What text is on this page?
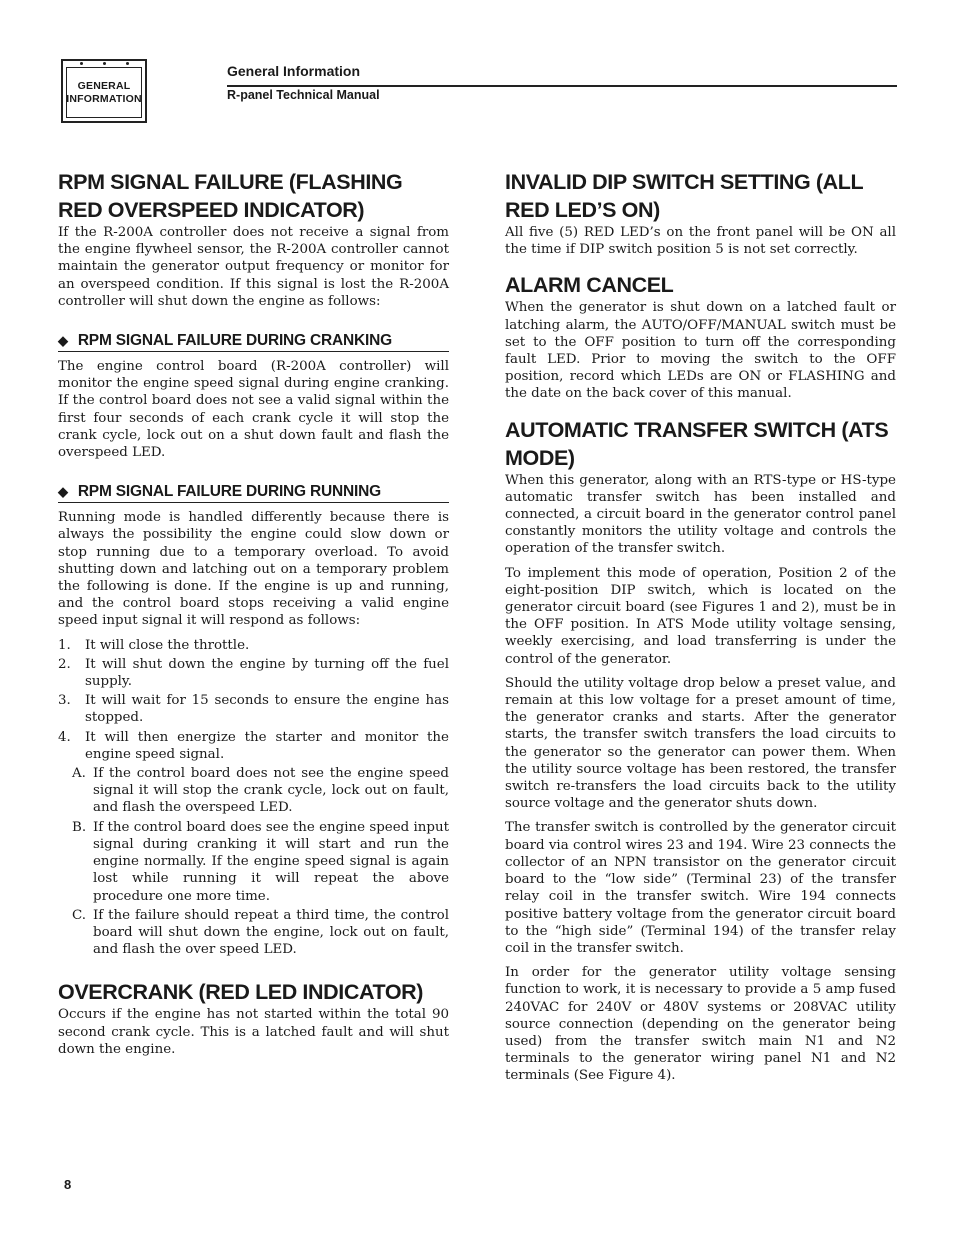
GENERAL
INFORMATION
General Information
R-panel Technical Manual
RPM SIGNAL FAILURE (FLASHING RED OVERSPEED INDICATOR)

If the R-200A controller does not receive a signal from the engine flywheel sensor, the R-200A controller cannot maintain the generator output frequency or monitor for an overspeed condition. If this signal is lost the R-200A controller will shut down the engine as follows:

◆ RPM SIGNAL FAILURE DURING CRANKING

The engine control board (R-200A controller) will monitor the engine speed signal during engine cranking. If the control board does not see a valid signal within the first four seconds of each crank cycle it will stop the crank cycle, lock out on a shut down fault and flash the overspeed LED.

◆ RPM SIGNAL FAILURE DURING RUNNING

Running mode is handled differently because there is always the possibility the engine could slow down or stop running due to a temporary overload. To avoid shutting down and latching out on a temporary problem the following is done. If the engine is up and running, and the control board stops receiving a valid engine speed input signal it will respond as follows:

1.	It will close the throttle.
2.	It will shut down the engine by turning off the fuel supply.
3.	It will wait for 15 seconds to ensure the engine has stopped.
4.	It will then energize the starter and monitor the engine speed signal.
A. If the control board does not see the engine speed signal it will stop the crank cycle, lock out on fault, and flash the overspeed LED.
B. If the control board does see the engine speed input signal during cranking it will start and run the engine normally. If the engine speed signal is again lost while running it will repeat the above procedure one more time.
C. If the failure should repeat a third time, the control board will shut down the engine, lock out on fault, and flash the over speed LED.
OVERCRANK (RED LED INDICATOR)

Occurs if the engine has not started within the total 90 second crank cycle. This is a latched fault and will shut down the engine.

INVALID DIP SWITCH SETTING (ALL RED LED’S ON)

All five (5) RED LED’s on the front panel will be ON all the time if DIP switch position 5 is not set correctly.

ALARM CANCEL

When the generator is shut down on a latched fault or latching alarm, the AUTO/OFF/MANUAL switch must be set to the OFF position to turn off the corresponding fault LED. Prior to moving the switch to the OFF position, record which LEDs are ON or FLASHING and the date on the back cover of this manual.

AUTOMATIC TRANSFER SWITCH (ATS MODE)

When this generator, along with an RTS-type or HS-type automatic transfer switch has been installed and connected, a circuit board in the generator control panel constantly monitors the utility voltage and controls the operation of the transfer switch.

To implement this mode of operation, Position 2 of the eight-position DIP switch, which is located on the generator circuit board (see Figures 1 and 2), must be in the OFF position. In ATS Mode utility voltage sensing, weekly exercising, and load transferring is under the control of the generator.

Should the utility voltage drop below a preset value, and remain at this low voltage for a preset amount of time, the generator cranks and starts. After the generator starts, the transfer switch transfers the load circuits to the generator so the generator can power them. When the utility source voltage has been restored, the transfer switch re-transfers the load circuits back to the utility source voltage and the generator shuts down.

The transfer switch is controlled by the generator circuit board via control wires 23 and 194. Wire 23 connects the collector of an NPN transistor on the generator circuit board to the “low side” (Terminal 23) of the transfer relay coil in the transfer switch. Wire 194 connects positive battery voltage from the generator circuit board to the “high side” (Terminal 194) of the transfer relay coil in the transfer switch.

In order for the generator utility voltage sensing function to work, it is necessary to provide a 5 amp fused 240VAC for 240V or 480V systems or 208VAC utility source connection (depending on the generator being used) from the transfer switch main N1 and N2 terminals to the generator wiring panel N1 and N2 terminals (See Figure 4).

8
